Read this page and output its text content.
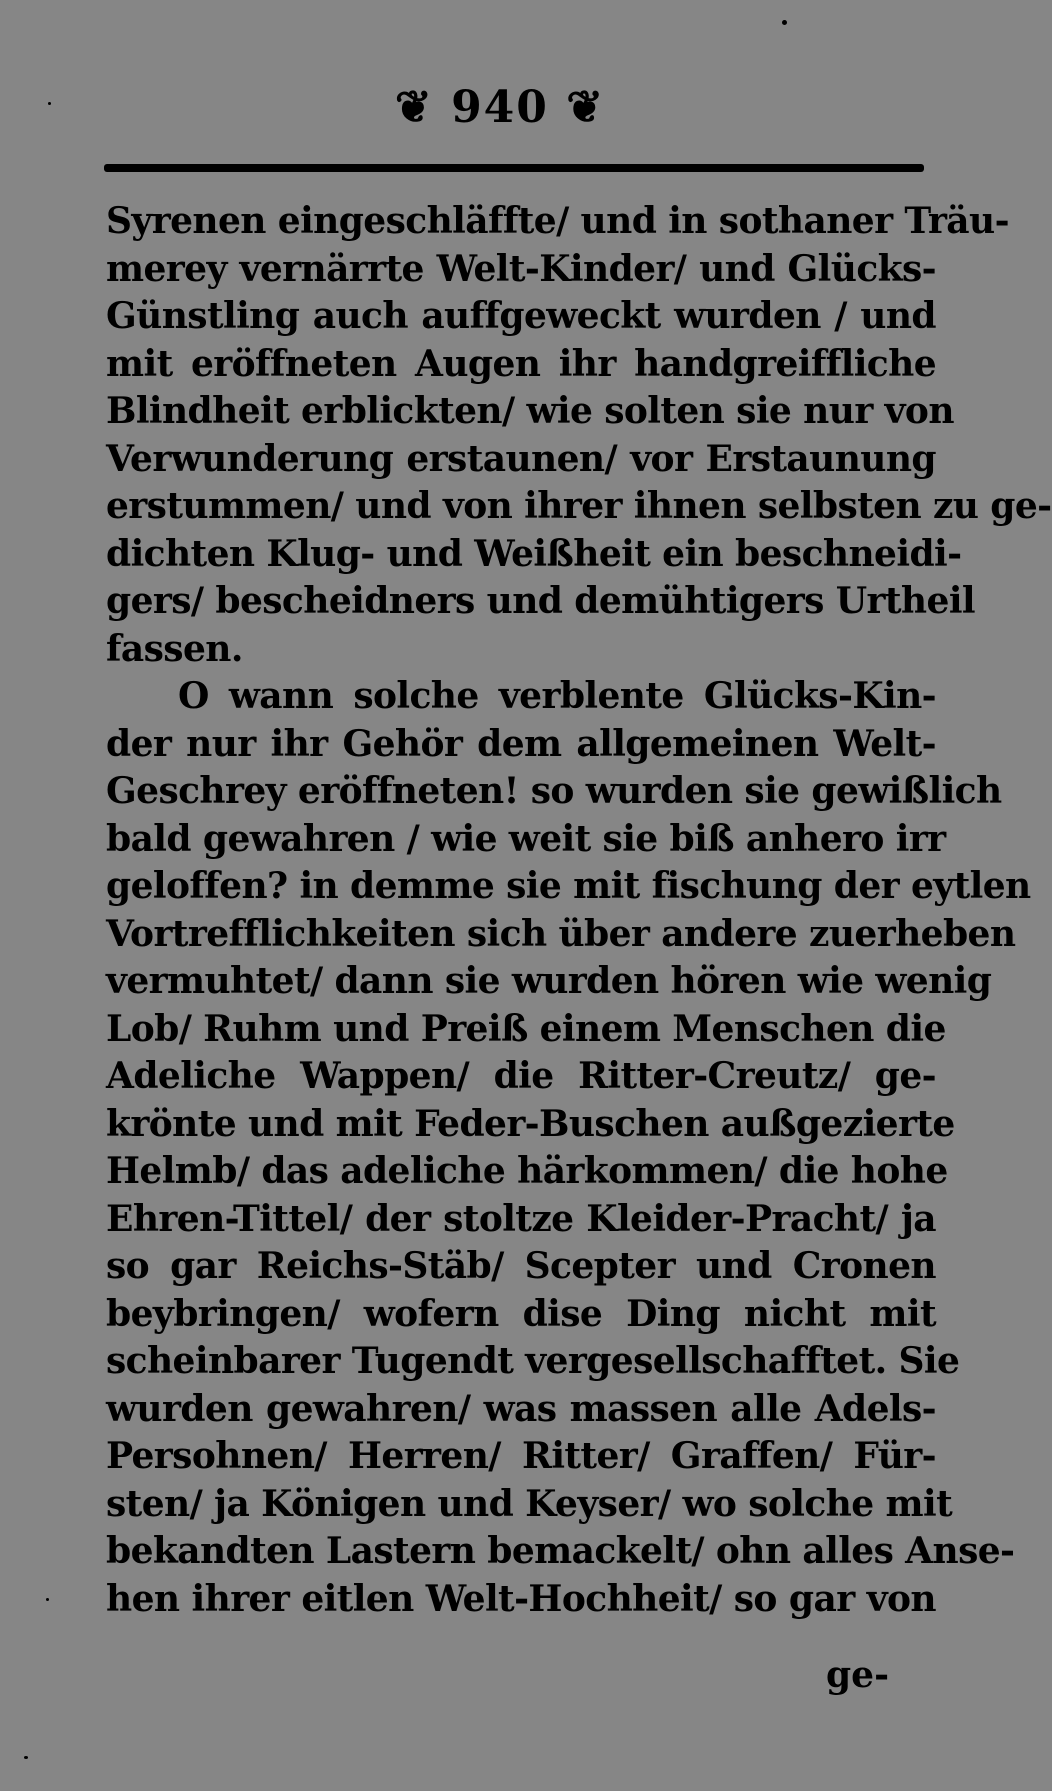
❦ 940 ❦
Syrenen eingeschläffte/ und in sothaner Träu-
merey vernärrte Welt-Kinder/ und Glücks-
Günstling auch auffgeweckt wurden / und
mit eröffneten Augen ihr handgreiffliche
Blindheit erblickten/ wie solten sie nur von
Verwunderung erstaunen/ vor Erstaunung
erstummen/ und von ihrer ihnen selbsten zu ge-
dichten Klug- und Weißheit ein beschneidi-
gers/ bescheidners und demühtigers Urtheil
fassen.
O wann solche verblente Glücks-Kin-
der nur ihr Gehör dem allgemeinen Welt-
Geschrey eröffneten! so wurden sie gewißlich
bald gewahren / wie weit sie biß anhero irr
geloffen? in demme sie mit fischung der eytlen
Vortrefflichkeiten sich über andere zuerheben
vermuhtet/ dann sie wurden hören wie wenig
Lob/ Ruhm und Preiß einem Menschen die
Adeliche Wappen/ die Ritter-Creutz/ ge-
krönte und mit Feder-Buschen außgezierte
Helmb/ das adeliche härkommen/ die hohe
Ehren-Tittel/ der stoltze Kleider-Pracht/ ja
so gar Reichs-Stäb/ Scepter und Cronen
beybringen/ wofern dise Ding nicht mit
scheinbarer Tugendt vergesellschafftet. Sie
wurden gewahren/ was massen alle Adels-
Persohnen/ Herren/ Ritter/ Graffen/ Für-
sten/ ja Königen und Keyser/ wo solche mit
bekandten Lastern bemackelt/ ohn alles Anse-
hen ihrer eitlen Welt-Hochheit/ so gar von
ge-
